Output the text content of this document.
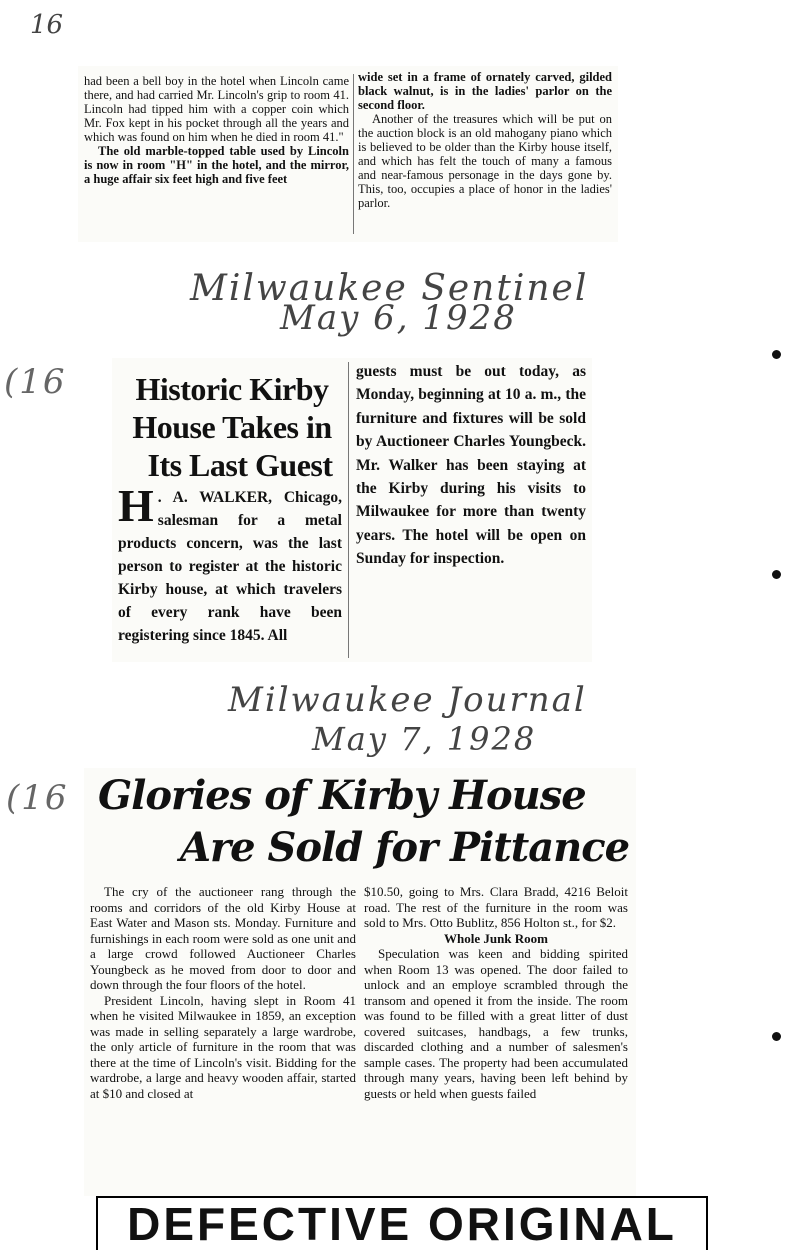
16

had been a bell boy in the hotel when Lincoln came there, and had carried Mr. Lincoln's grip to room 41. Lincoln had tipped him with a copper coin which Mr. Fox kept in his pocket through all the years and which was found on him when he died in room 41."

The old marble-topped table used by Lincoln is now in room "H" in the hotel, and the mirror, a huge affair six feet high and five feet

wide set in a frame of ornately carved, gilded black walnut, is in the ladies' parlor on the second floor.

Another of the treasures which will be put on the auction block is an old mahogany piano which is believed to be older than the Kirby house itself, and which has felt the touch of many a famous and near-famous personage in the days gone by. This, too, occupies a place of honor in the ladies' parlor.

Milwaukee Sentinel
May 6, 1928
(16	Historic Kirby
House Takes in
Its Last Guest
H . A. WALKER, Chicago, salesman for a metal products concern, was the last person to register at the historic Kirby house, at which travelers of every rank have been registering since 1845. All
guests must be out today, as Monday, beginning at 10 a. m., the furniture and fixtures will be sold by Auctioneer Charles Youngbeck. Mr. Walker has been staying at the Kirby during his visits to Milwaukee for more than twenty years. The hotel will be open on Sunday for inspection.
Milwaukee Journal
May 7, 1928
(16 Glories of Kirby House
Are Sold for Pittance

The cry of the auctioneer rang through the rooms and corridors of the old Kirby House at East Water and Mason sts. Monday. Furniture and furnishings in each room were sold as one unit and a large crowd followed Auctioneer Charles Youngbeck as he moved from door to door and down through the four floors of the hotel.

President Lincoln, having slept in Room 41 when he visited Milwaukee in 1859, an exception was made in selling separately a large wardrobe, the only article of furniture in the room that was there at the time of Lincoln's visit. Bidding for the wardrobe, a large and heavy wooden affair, started at $10 and closed at

$10.50, going to Mrs. Clara Bradd, 4216 Beloit road. The rest of the furniture in the room was sold to Mrs. Otto Bublitz, 856 Holton st., for $2.

Whole Junk Room

Speculation was keen and bidding spirited when Room 13 was opened. The door failed to unlock and an employe scrambled through the transom and opened it from the inside. The room was found to be filled with a great litter of dust covered suitcases, handbags, a few trunks, discarded clothing and a number of salesmen's sample cases. The property had been accumulated through many years, having been left behind by guests or held when guests failed

DEFECTIVE ORIGINAL
